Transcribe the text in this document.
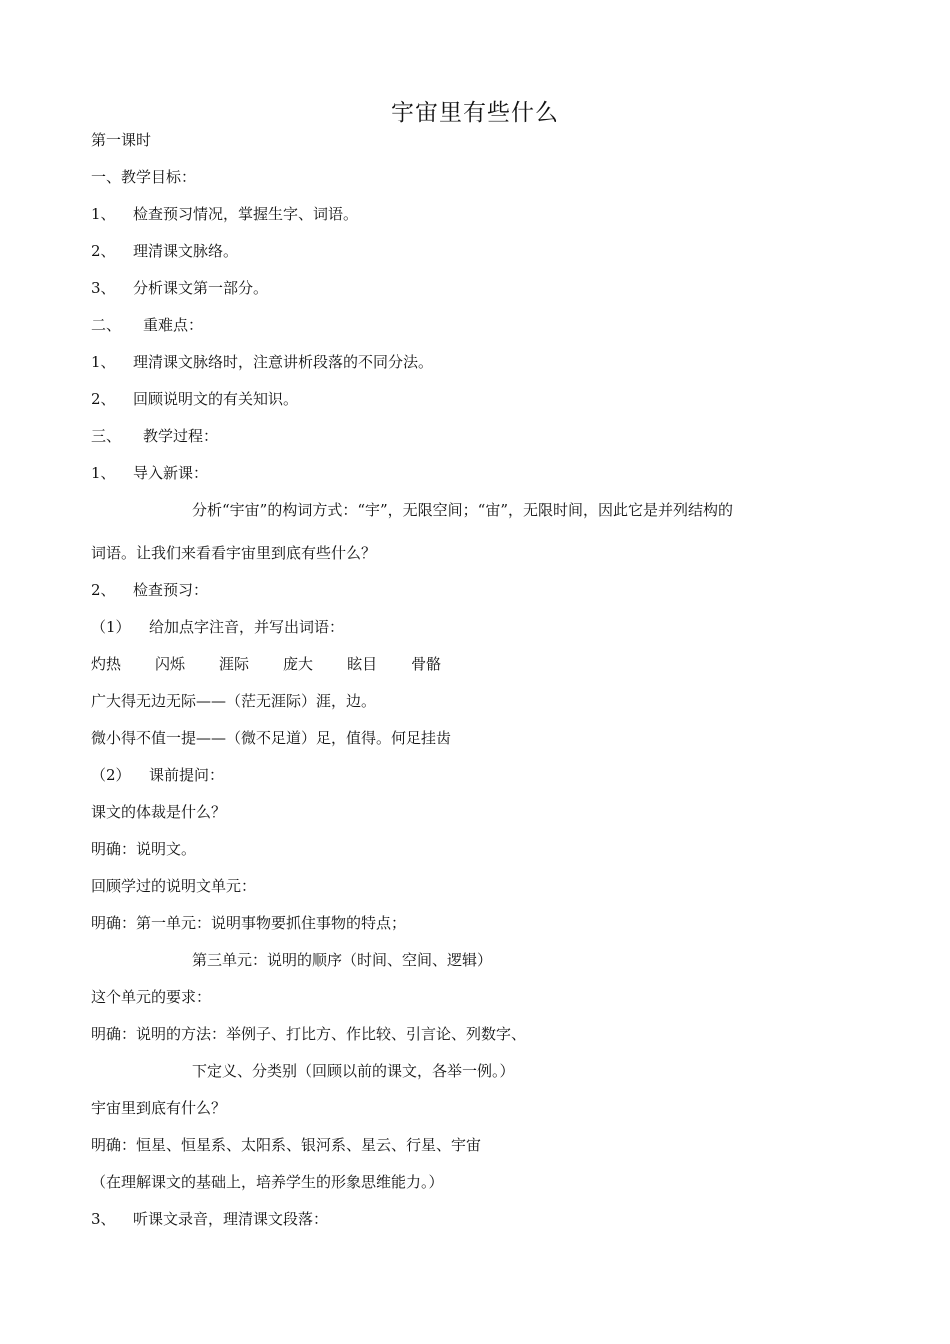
宇宙里有些什么
第一课时
一、教学目标：
1、 检查预习情况，掌握生字、词语。
2、 理清课文脉络。
3、 分析课文第一部分。
二、 重难点：
1、 理清课文脉络时，注意讲析段落的不同分法。
2、 回顾说明文的有关知识。
三、 教学过程：
1、 导入新课：
分析“宇宙”的构词方式：“宇”，无限空间；“宙”，无限时间，因此它是并列结构的
词语。让我们来看看宇宙里到底有些什么？
2、 检查预习：
（1） 给加点字注音，并写出词语：
灼热 闪烁 涯际 庞大 眩目 骨骼
广大得无边无际——（茫无涯际）涯，边。
微小得不值一提——（微不足道）足，值得。何足挂齿
（2） 课前提问：
课文的体裁是什么？
明确：说明文。
回顾学过的说明文单元：
明确：第一单元：说明事物要抓住事物的特点；
第三单元：说明的顺序（时间、空间、逻辑）
这个单元的要求：
明确：说明的方法：举例子、打比方、作比较、引言论、列数字、
下定义、分类别（回顾以前的课文，各举一例。）
宇宙里到底有什么？
明确：恒星、恒星系、太阳系、银河系、星云、行星、宇宙
（在理解课文的基础上，培养学生的形象思维能力。）
3、 听课文录音，理清课文段落：
